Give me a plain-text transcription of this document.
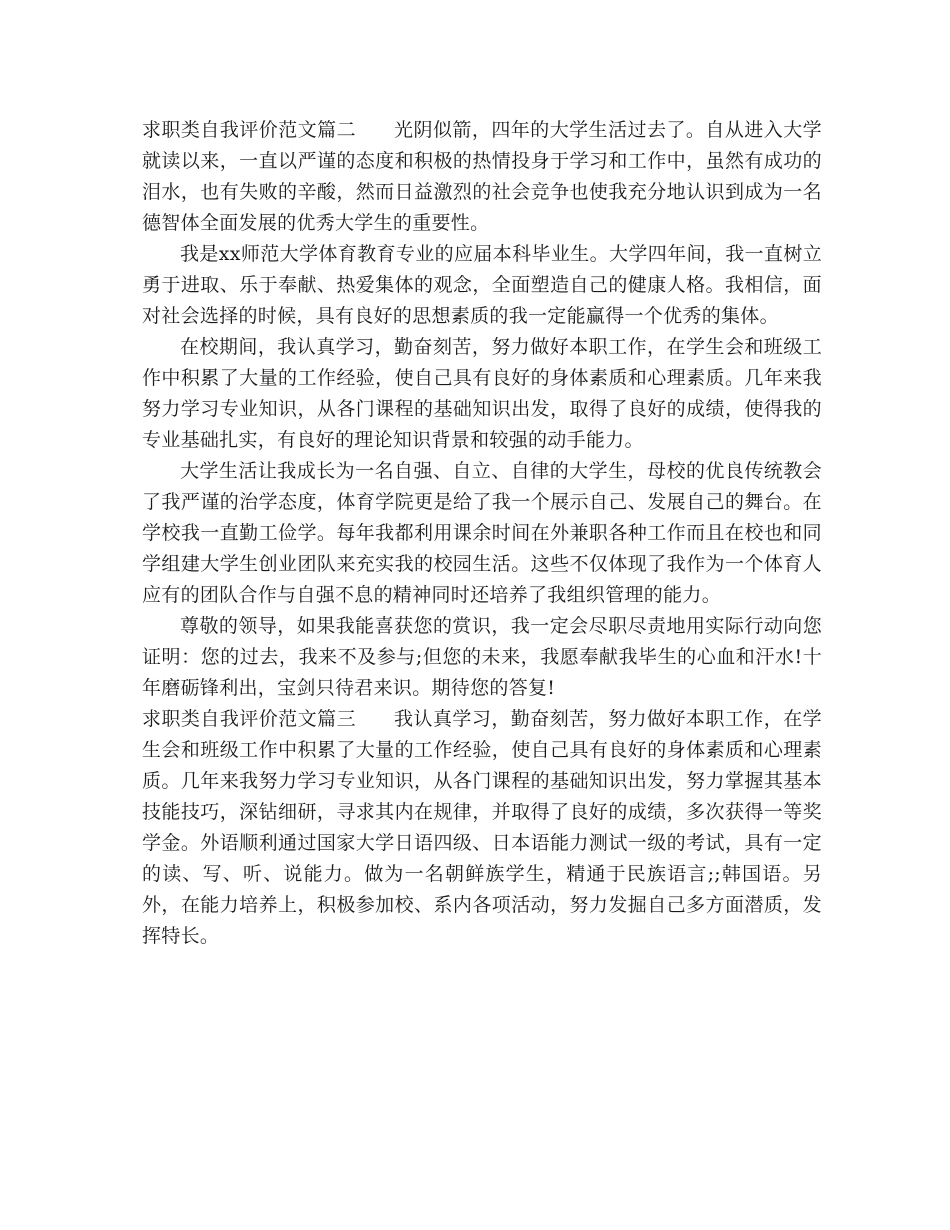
求职类自我评价范文篇二 光阴似箭，四年的大学生活过去了。自从进入大学就读以来，一直以严谨的态度和积极的热情投身于学习和工作中，虽然有成功的泪水，也有失败的辛酸，然而日益激烈的社会竞争也使我充分地认识到成为一名德智体全面发展的优秀大学生的重要性。

我是xx师范大学体育教育专业的应届本科毕业生。大学四年间，我一直树立勇于进取、乐于奉献、热爱集体的观念，全面塑造自己的健康人格。我相信，面对社会选择的时候，具有良好的思想素质的我一定能赢得一个优秀的集体。

在校期间，我认真学习，勤奋刻苦，努力做好本职工作，在学生会和班级工作中积累了大量的工作经验，使自己具有良好的身体素质和心理素质。几年来我努力学习专业知识，从各门课程的基础知识出发，取得了良好的成绩，使得我的专业基础扎实，有良好的理论知识背景和较强的动手能力。

大学生活让我成长为一名自强、自立、自律的大学生，母校的优良传统教会了我严谨的治学态度，体育学院更是给了我一个展示自己、发展自己的舞台。在学校我一直勤工俭学。每年我都利用课余时间在外兼职各种工作而且在校也和同学组建大学生创业团队来充实我的校园生活。这些不仅体现了我作为一个体育人应有的团队合作与自强不息的精神同时还培养了我组织管理的能力。

尊敬的领导，如果我能喜获您的赏识，我一定会尽职尽责地用实际行动向您证明：您的过去，我来不及参与;但您的未来，我愿奉献我毕生的心血和汗水!十年磨砺锋利出，宝剑只待君来识。期待您的答复!

求职类自我评价范文篇三 我认真学习，勤奋刻苦，努力做好本职工作，在学生会和班级工作中积累了大量的工作经验，使自己具有良好的身体素质和心理素质。几年来我努力学习专业知识，从各门课程的基础知识出发，努力掌握其基本技能技巧，深钻细研，寻求其内在规律，并取得了良好的成绩，多次获得一等奖学金。外语顺利通过国家大学日语四级、日本语能力测试一级的考试，具有一定的读、写、听、说能力。做为一名朝鲜族学生，精通于民族语言;;韩国语。另外，在能力培养上，积极参加校、系内各项活动，努力发掘自己多方面潜质，发挥特长。
